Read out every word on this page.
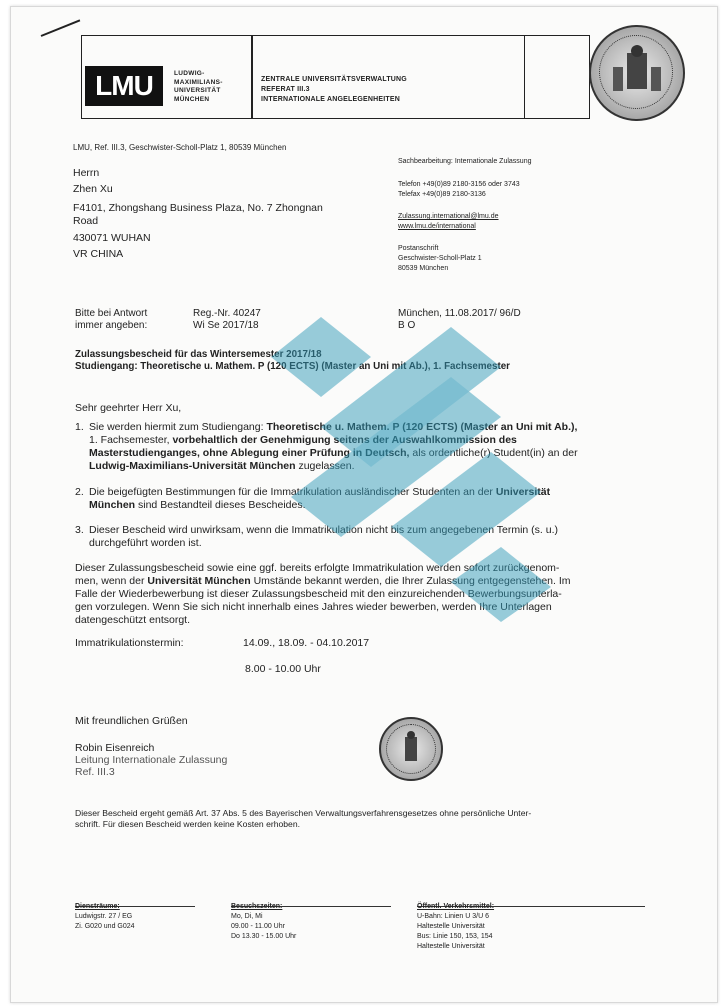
LMU	LUDWIG-
MAXIMILIANS-
UNIVERSITÄT
MÜNCHEN
ZENTRALE UNIVERSITÄTSVERWALTUNG
REFERAT III.3
INTERNATIONALE ANGELEGENHEITEN
LMU, Ref. III.3, Geschwister-Scholl-Platz 1, 80539 München
Herrn
Zhen Xu
F4101, Zhongshang Business Plaza, No. 7 Zhongnan
Road
430071 WUHAN
VR CHINA
Sachbearbeitung: Internationale Zulassung
Telefon +49(0)89 2180-3156 oder 3743
Telefax +49(0)89 2180-3136
Zulassung.international@lmu.de
www.lmu.de/international
Postanschrift
Geschwister-Scholl-Platz 1
80539 München
Bitte bei Antwort
immer angeben:
Reg.-Nr. 40247
Wi Se 2017/18
München, 11.08.2017/ 96/D
B O
Zulassungsbescheid für das Wintersemester 2017/18
Studiengang: Theoretische u. Mathem. P (120 ECTS) (Master an Uni mit Ab.), 1. Fachsemester
Sehr geehrter Herr Xu,
1. Sie werden hiermit zum Studiengang: Theoretische u. Mathem. P (120 ECTS) (Master an Uni mit Ab.),
1. Fachsemester, vorbehaltlich der Genehmigung seitens der Auswahlkommission des
Masterstudienganges, ohne Ablegung einer Prüfung in Deutsch, als ordentliche(r) Student(in) an der
Ludwig-Maximilians-Universität München zugelassen.
2. Die beigefügten Bestimmungen für die Immatrikulation ausländischer Studenten an der Universität
München sind Bestandteil dieses Bescheides.
3. Dieser Bescheid wird unwirksam, wenn die Immatrikulation nicht bis zum angegebenen Termin (s. u.)
durchgeführt worden ist.
Dieser Zulassungsbescheid sowie eine ggf. bereits erfolgte Immatrikulation werden sofort zurückgenom-
men, wenn der Universität München Umstände bekannt werden, die Ihrer Zulassung entgegenstehen. Im
Falle der Wiederbewerbung ist dieser Zulassungsbescheid mit den einzureichenden Bewerbungsunterla-
gen vorzulegen. Wenn Sie sich nicht innerhalb eines Jahres wieder bewerben, werden Ihre Unterlagen
datengeschützt entsorgt.
Immatrikulationstermin:	14.09., 18.09. - 04.10.2017
8.00 - 10.00 Uhr
Mit freundlichen Grüßen
Robin Eisenreich
Leitung Internationale Zulassung
Ref. III.3
Dieser Bescheid ergeht gemäß Art. 37 Abs. 5 des Bayerischen Verwaltungsverfahrensgesetzes ohne persönliche Unter-
schrift. Für diesen Bescheid werden keine Kosten erhoben.
Diensträume:
Ludwigstr. 27 / EG
Zi. G020 und G024
Besuchszeiten:
Mo, Di, Mi
09.00 - 11.00 Uhr
Do 13.30 - 15.00 Uhr
Öffentl. Verkehrsmittel:
U-Bahn: Linien U 3/U 6
Haltestelle Universität
Bus: Linie 150, 153, 154
Haltestelle Universität
